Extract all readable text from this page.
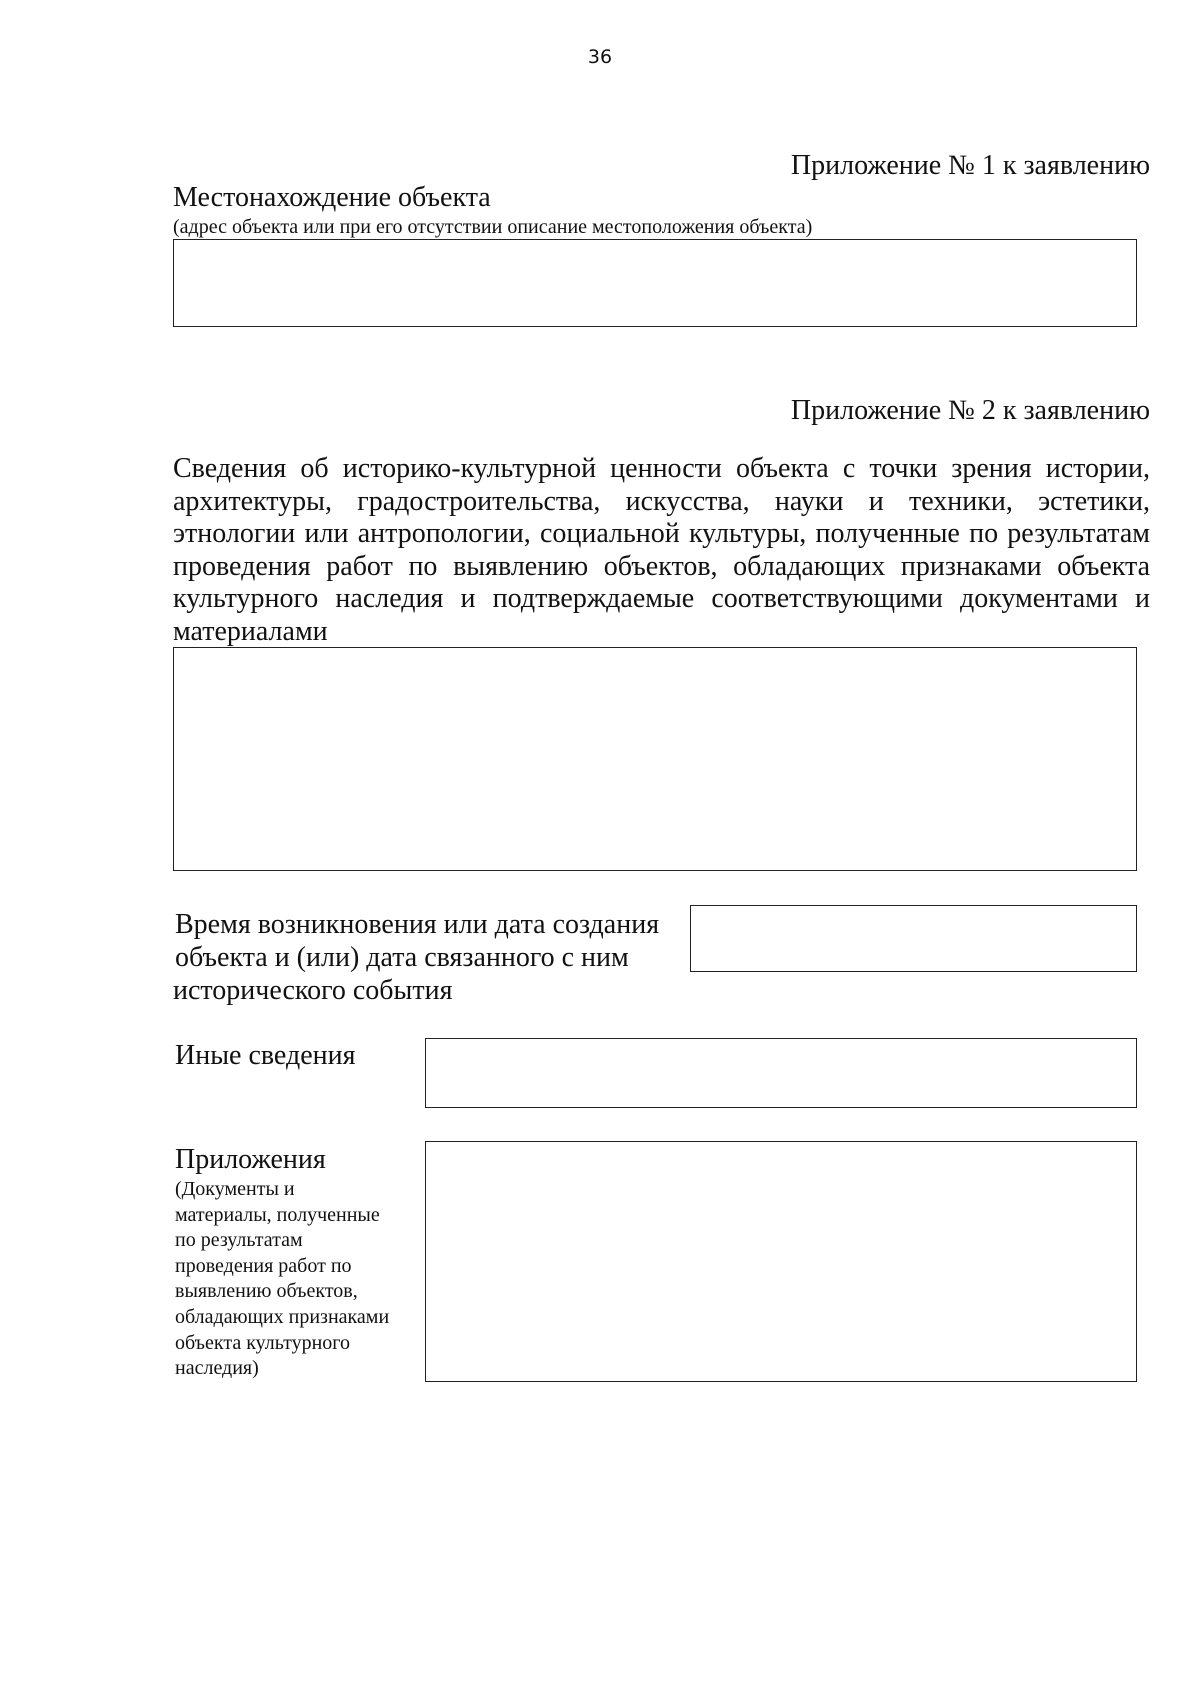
36
Приложение № 1 к заявлению
Местонахождение объекта
(адрес объекта или при его отсутствии описание местоположения объекта)
Приложение № 2 к заявлению
Сведения об историко-культурной ценности объекта с точки зрения истории, архитектуры, градостроительства, искусства, науки и техники, эстетики, этнологии или антропологии, социальной культуры, полученные по результатам проведения работ по выявлению объектов, обладающих признаками объекта культурного наследия и подтверждаемые соответствующими документами и материалами
Время возникновения или дата создания
объекта и (или) дата связанного с ним
исторического события
Иные сведения
Приложения
(Документы и
материалы, полученные
по результатам
проведения работ по
выявлению объектов,
обладающих признаками
объекта культурного
наследия)
